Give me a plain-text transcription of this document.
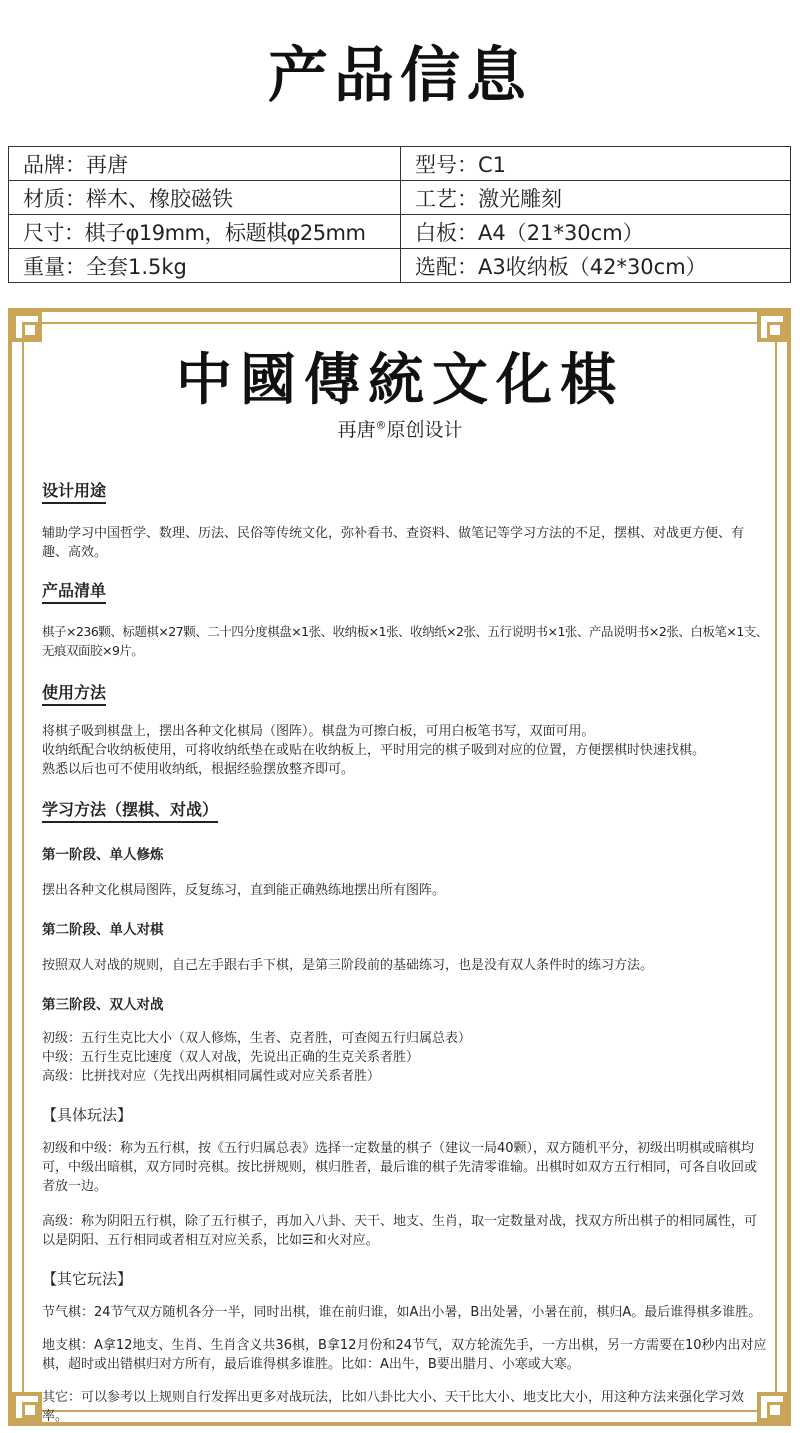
产品信息
品牌：再唐	型号：C1
材质：榉木、橡胶磁铁	工艺：激光雕刻
尺寸：棋子φ19mm，标题棋φ25mm	白板：A4（21*30cm）
重量：全套1.5kg	选配：A3收纳板（42*30cm）
中國傳統文化棋
再唐®原创设计
设计用途
辅助学习中国哲学、数理、历法、民俗等传统文化，弥补看书、查资料、做笔记等学习方法的不足，摆棋、对战更方便、有趣、高效。
产品清单
棋子×236颗、标题棋×27颗、二十四分度棋盘×1张、收纳板×1张、收纳纸×2张、五行说明书×1张、产品说明书×2张、白板笔×1支、无痕双面胶×9片。
使用方法
将棋子吸到棋盘上，摆出各种文化棋局（图阵）。棋盘为可擦白板，可用白板笔书写，双面可用。
收纳纸配合收纳板使用，可将收纳纸垫在或贴在收纳板上，平时用完的棋子吸到对应的位置，方便摆棋时快速找棋。
熟悉以后也可不使用收纳纸，根据经验摆放整齐即可。
学习方法（摆棋、对战）
第一阶段、单人修炼
摆出各种文化棋局图阵，反复练习，直到能正确熟练地摆出所有图阵。
第二阶段、单人对棋
按照双人对战的规则，自己左手跟右手下棋，是第三阶段前的基础练习，也是没有双人条件时的练习方法。
第三阶段、双人对战
初级：五行生克比大小（双人修炼，生者、克者胜，可查阅五行归属总表）
中级：五行生克比速度（双人对战，先说出正确的生克关系者胜）
高级：比拼找对应（先找出两棋相同属性或对应关系者胜）
【具体玩法】
初级和中级：称为五行棋，按《五行归属总表》选择一定数量的棋子（建议一局40颗），双方随机平分，初级出明棋或暗棋均可，中级出暗棋，双方同时亮棋。按比拼规则，棋归胜者，最后谁的棋子先清零谁输。出棋时如双方五行相同，可各自收回或者放一边。
高级：称为阴阳五行棋，除了五行棋子，再加入八卦、天干、地支、生肖，取一定数量对战，找双方所出棋子的相同属性，可以是阴阳、五行相同或者相互对应关系，比如☲和火对应。
【其它玩法】
节气棋：24节气双方随机各分一半，同时出棋，谁在前归谁，如A出小暑，B出处暑，小暑在前，棋归A。最后谁得棋多谁胜。
地支棋：A拿12地支、生肖、生肖含义共36棋，B拿12月份和24节气，双方轮流先手，一方出棋，另一方需要在10秒内出对应棋，超时或出错棋归对方所有，最后谁得棋多谁胜。比如：A出牛，B要出腊月、小寒或大寒。
其它：可以参考以上规则自行发挥出更多对战玩法，比如八卦比大小、天干比大小、地支比大小，用这种方法来强化学习效率。
